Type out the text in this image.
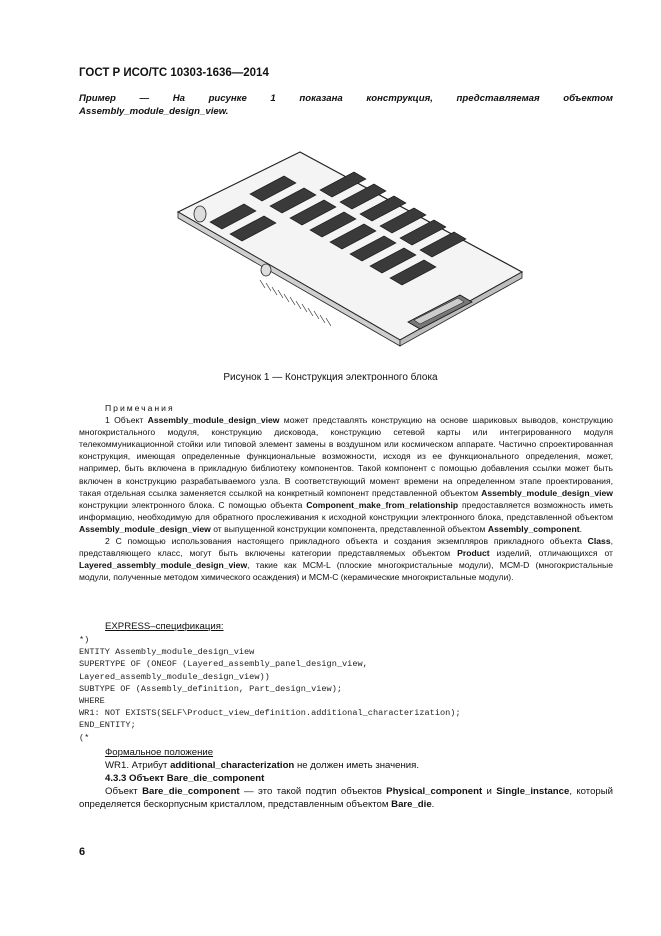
ГОСТ Р ИСО/ТС 10303-1636—2014
Пример — На рисунке 1 показана конструкция, представляемая объектом
Assembly_module_design_view.
Рисунок 1 — Конструкция электронного блока
Примечания

1 Объект Assembly_module_design_view может представлять конструкцию на основе шариковых выводов, конструкцию многокристального модуля, конструкцию дисковода, конструкцию сетевой карты или интегрированного модуля телекоммуникационной стойки или типовой элемент замены в воздушном или космическом аппарате. Частично спроектированная конструкция, имеющая определенные функциональные возможности, исходя из ее функционального определения, может, например, быть включена в прикладную библиотеку компонентов. Такой компонент с помощью добавления ссылки может быть включен в конструкцию разрабатываемого узла. В соответствующий момент времени на определенном этапе проектирования, такая отдельная ссылка заменяется ссылкой на конкретный компонент представленной объектом Assembly_module_design_view конструкции электронного блока. С помощью объекта Component_make_from_relationship предоставляется возможность иметь информацию, необходимую для обратного прослеживания к исходной конструкции электронного блока, представленной объектом Assembly_module_design_view от выпущенной конструкции компонента, представленной объектом Assembly_component.

2 С помощью использования настоящего прикладного объекта и создания экземпляров прикладного объекта Class, представляющего класс, могут быть включены категории представляемых объектом Product изделий, отличающихся от Layered_assembly_module_design_view, такие как МСМ-L (плоские многокристальные модули), МСМ-D (многокристальные модули, полученные методом химического осаждения) и МСМ-С (керамические многокристальные модули).

EXPRESS–спецификация:
*)
ENTITY Assembly_module_design_view
SUPERTYPE OF (ONEOF (Layered_assembly_panel_design_view,
Layered_assembly_module_design_view))
SUBTYPE OF (Assembly_definition, Part_design_view);
WHERE
WR1: NOT EXISTS(SELF\Product_view_definition.additional_characterization);
END_ENTITY;
(*
Формальное положение
WR1. Атрибут additional_characterization не должен иметь значения.
4.3.3 Объект Bare_die_component
Объект Bare_die_component — это такой подтип объектов Physical_component и Single_instance, который определяется бескорпусным кристаллом, представленным объектом Bare_die.
6
